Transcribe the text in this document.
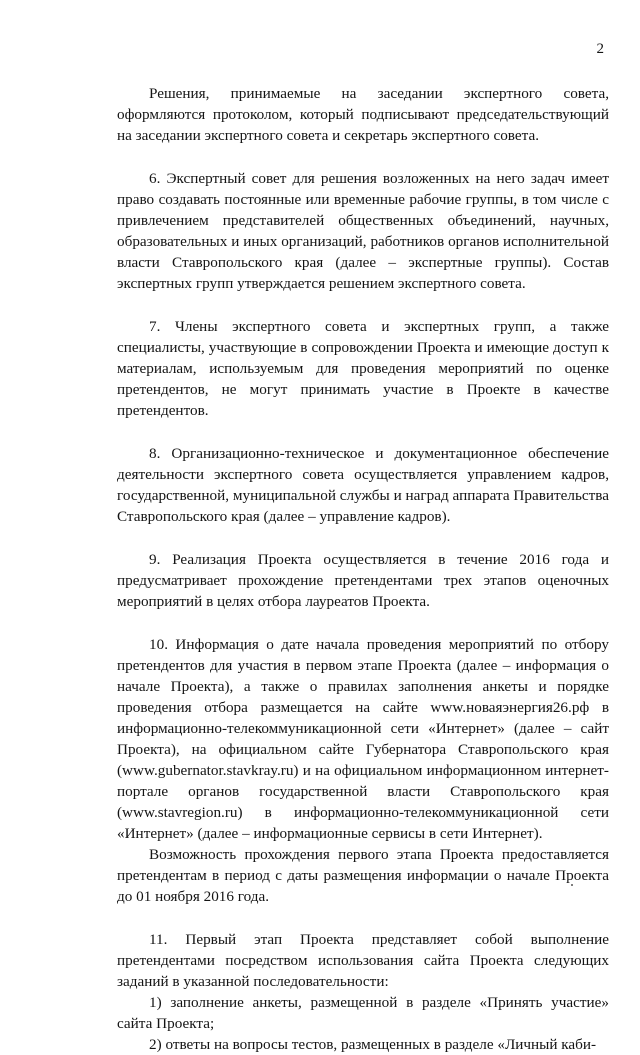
2

Решения, принимаемые на заседании экспертного совета, оформляются протоколом, который подписывают председательствующий на заседании экспертного совета и секретарь экспертного совета.

6. Экспертный совет для решения возложенных на него задач имеет право создавать постоянные или временные рабочие группы, в том числе с привлечением представителей общественных объединений, научных, образовательных и иных организаций, работников органов исполнительной власти Ставропольского края (далее – экспертные группы). Состав экспертных групп утверждается решением экспертного совета.

7. Члены экспертного совета и экспертных групп, а также специалисты, участвующие в сопровождении Проекта и имеющие доступ к материалам, используемым для проведения мероприятий по оценке претендентов, не могут принимать участие в Проекте в качестве претендентов.

8. Организационно-техническое и документационное обеспечение деятельности экспертного совета осуществляется управлением кадров, государственной, муниципальной службы и наград аппарата Правительства Ставропольского края (далее – управление кадров).

9. Реализация Проекта осуществляется в течение 2016 года и предусматривает прохождение претендентами трех этапов оценочных мероприятий в целях отбора лауреатов Проекта.

10. Информация о дате начала проведения мероприятий по отбору претендентов для участия в первом этапе Проекта (далее – информация о начале Проекта), а также о правилах заполнения анкеты и порядке проведения отбора размещается на сайте www.новаяэнергия26.рф в информационно-телекоммуникационной сети «Интернет» (далее – сайт Проекта), на официальном сайте Губернатора Ставропольского края (www.gubernator.stavkray.ru) и на официальном информационном интернет-портале органов государственной власти Ставропольского края (www.stavregion.ru) в информационно-телекоммуникационной сети «Интернет» (далее – информационные сервисы в сети Интернет).

Возможность прохождения первого этапа Проекта предоставляется претендентам в период с даты размещения информации о начале Проекта до 01 ноября 2016 года.

11. Первый этап Проекта представляет собой выполнение претендентами посредством использования сайта Проекта следующих заданий в указанной последовательности:

1) заполнение анкеты, размещенной в разделе «Принять участие» сайта Проекта;

2) ответы на вопросы тестов, размещенных в разделе «Личный каби-
